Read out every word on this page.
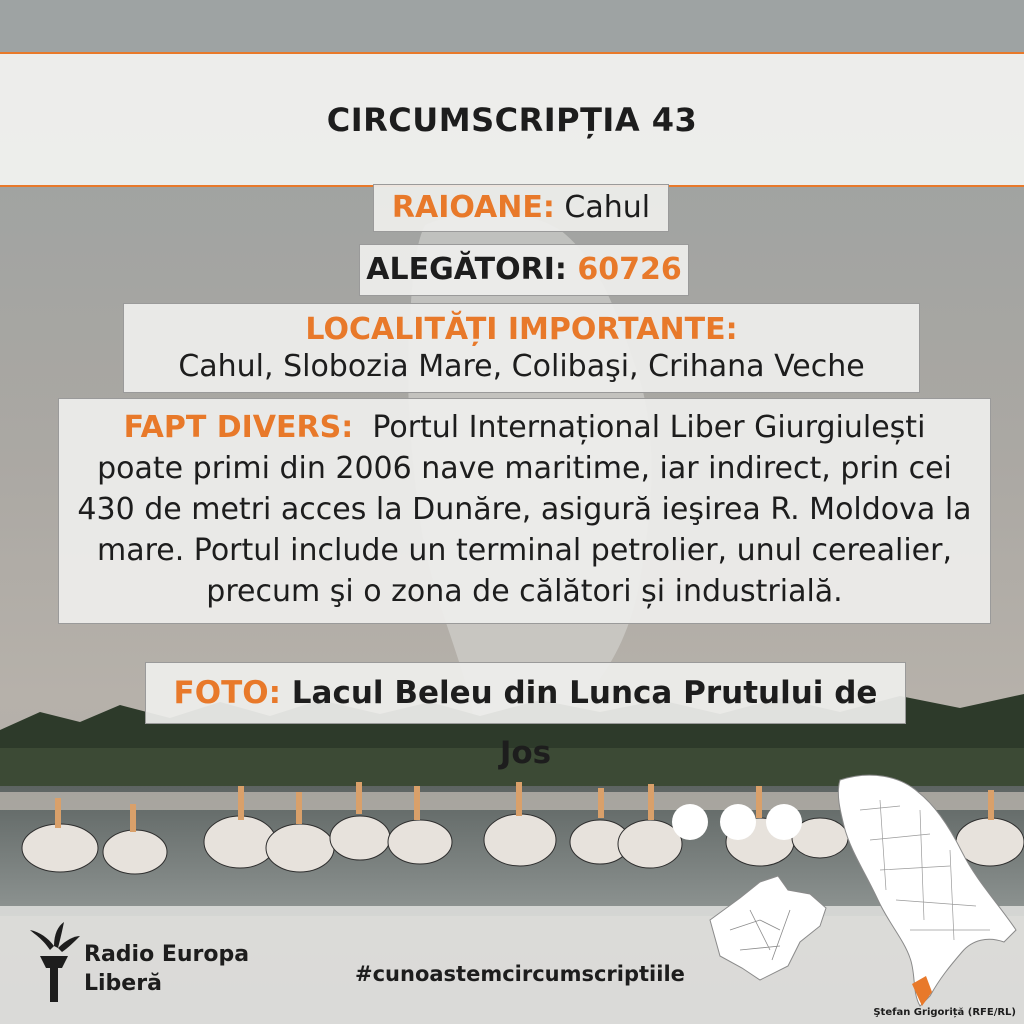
CIRCUMSCRIPȚIA 43
RAIOANE: Cahul
ALEGĂTORI: 60726
LOCALITĂȚI IMPORTANTE:
Cahul, Slobozia Mare, Colibaşi, Crihana Veche
FAPT DIVERS: Portul Internațional Liber Giurgiulești poate primi din 2006 nave maritime, iar indirect, prin cei 430 de metri acces la Dunăre, asigură ieşirea R. Moldova la mare. Portul include un terminal petrolier, unul cerealier, precum şi o zona de călători și industrială.
FOTO: Lacul Beleu din Lunca Prutului de Jos
Radio Europa
Liberă	#cunoastemcircumscriptiile
Ştefan Grigoriță (RFE/RL)
